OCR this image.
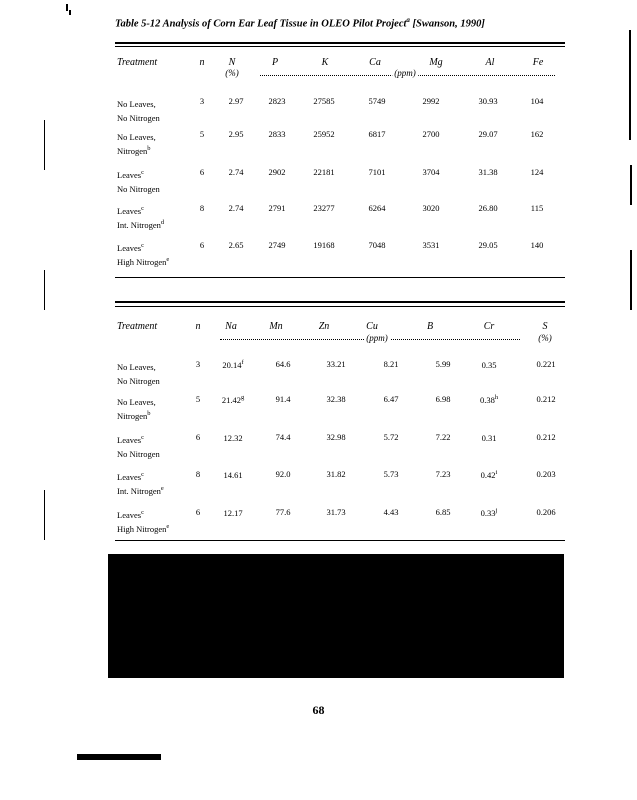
Table 5-12 Analysis of Corn Ear Leaf Tissue in OLEO Pilot Project$^a$ [Swanson, 1990]
Treatment	n N	P	K	Ca	Mg	Al	Fe
(%)	(ppm)
No Leaves,
No Nitrogen
3	2.97	2823	27585	5749	2992	30.93	104
No Leaves,
Nitrogen$^b$
5	2.95	2833	25952	6817	2700	29.07	162
Leaves$^c$
No Nitrogen
6	2.74	2902	22181	7101	3704	31.38	124
Leaves$^c$
Int. Nitrogen$^d$
8	2.74	2791	23277	6264	3020	26.80	115
Leaves$^c$
High Nitrogen$^e$
6	2.65	2749	19168	7048	3531	29.05	140
Treatment	n Na	Mn	Zn	Cu	B	Cr	S
(ppm)	(%)
No Leaves,
No Nitrogen
3	20.14$^f$	64.6	33.21	8.21	5.99	0.35	0.221
No Leaves,
Nitrogen$^b$
5	21.42$^g$	91.4	32.38	6.47	6.98	0.38$^h$	0.212
Leaves$^c$
No Nitrogen
6	12.32	74.4	32.98	5.72	7.22	0.31	0.212
Leaves$^c$
Int. Nitrogen$^e$
8	14.61	92.0	31.82	5.73	7.23	0.42$^i$	0.203
Leaves$^c$
High Nitrogen$^e$
6	12.17	77.6	31.73	4.43	6.85	0.33$^j$	0.206
68
